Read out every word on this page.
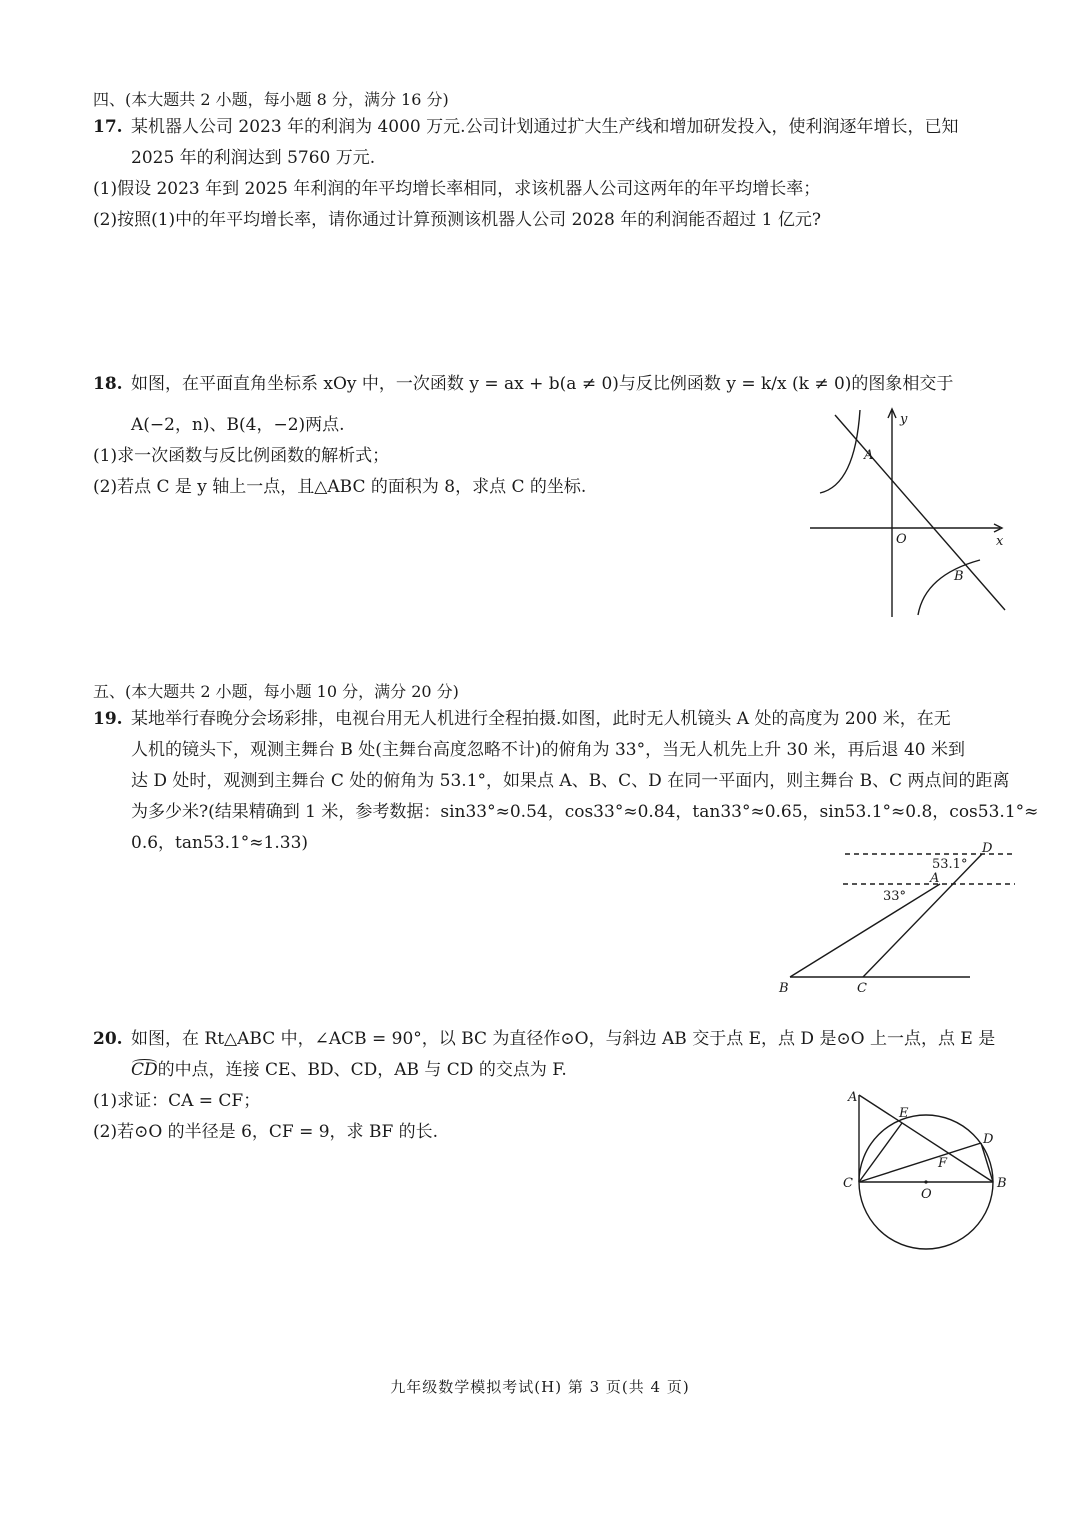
四、(本大题共 2 小题，每小题 8 分，满分 16 分)
17. 某机器人公司 2023 年的利润为 4000 万元.公司计划通过扩大生产线和增加研发投入，使利润逐年增长，已知
2025 年的利润达到 5760 万元.
(1)假设 2023 年到 2025 年利润的年平均增长率相同，求该机器人公司这两年的年平均增长率；
(2)按照(1)中的年平均增长率，请你通过计算预测该机器人公司 2028 年的利润能否超过 1 亿元?
18. 如图，在平面直角坐标系 xOy 中，一次函数 y = ax + b(a ≠ 0)与反比例函数 y = k/x (k ≠ 0)的图象相交于
A(−2，n)、B(4，−2)两点.
(1)求一次函数与反比例函数的解析式；
(2)若点 C 是 y 轴上一点，且△ABC 的面积为 8，求点 C 的坐标.
A
B
O	x
y
五、(本大题共 2 小题，每小题 10 分，满分 20 分)
19. 某地举行春晚分会场彩排，电视台用无人机进行全程拍摄.如图，此时无人机镜头 A 处的高度为 200 米，在无
人机的镜头下，观测主舞台 B 处(主舞台高度忽略不计)的俯角为 33°，当无人机先上升 30 米，再后退 40 米到
达 D 处时，观测到主舞台 C 处的俯角为 53.1°，如果点 A、B、C、D 在同一平面内，则主舞台 B、C 两点间的距离
为多少米?(结果精确到 1 米，参考数据：sin33°≈0.54，cos33°≈0.84，tan33°≈0.65，sin53.1°≈0.8，cos53.1°≈
0.6，tan53.1°≈1.33)	D
A
B	C
33°
53.1°
20. 如图，在 Rt△ABC 中，∠ACB = 90°，以 BC 为直径作⊙O，与斜边 AB 交于点 E，点 D 是⊙O 上一点，点 E 是
CD
的中点，连接 CE、BD、CD，AB 与 CD 的交点为 F.
(1)求证：CA = CF；
(2)若⊙O 的半径是 6，CF = 9，求 BF 的长.
A
E
D
F
C	B
O
九年级数学模拟考试(H) 第 3 页(共 4 页)
